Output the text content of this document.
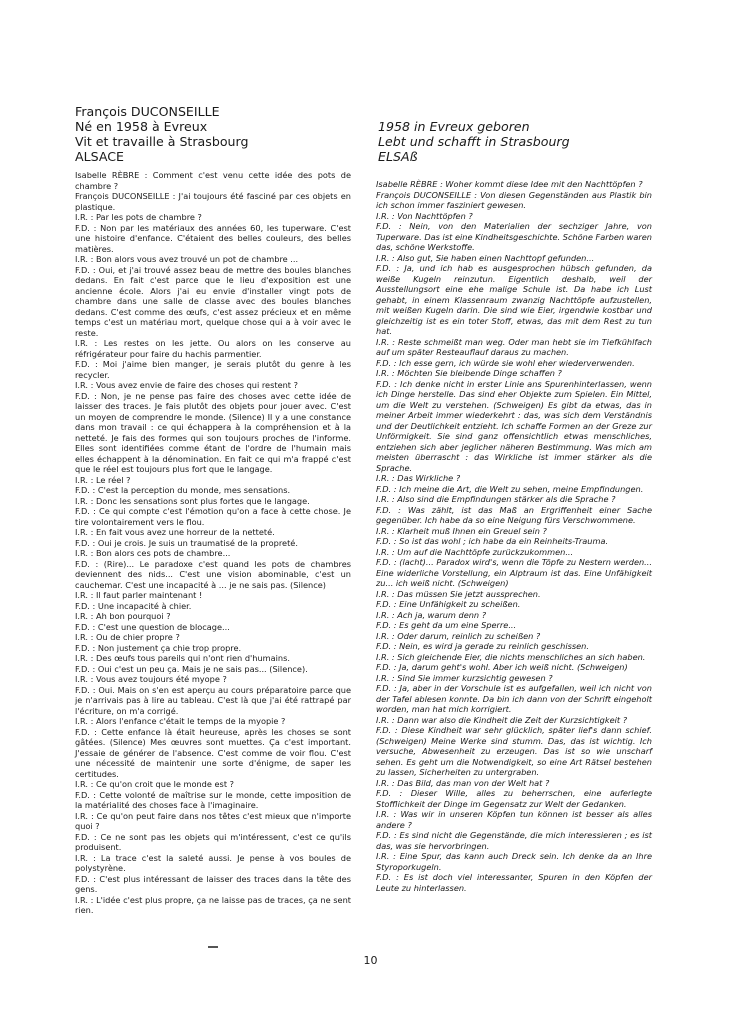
François DUCONSEILLE
Né en 1958 à Evreux
Vit et travaille à Strasbourg
ALSACE
1958 in Evreux geboren
Lebt und schafft in Strasbourg
ELSAß

Isabelle RÈBRE : Comment c'est venu cette idée des pots de chambre ?

François DUCONSEILLE : J'ai toujours été fasciné par ces objets en plastique.

I.R. : Par les pots de chambre ?

F.D. : Non par les matériaux des années 60, les tuperware. C'est une histoire d'enfance. C'étaient des belles couleurs, des belles matières.

I.R. : Bon alors vous avez trouvé un pot de chambre ...

F.D. : Oui, et j'ai trouvé assez beau de mettre des boules blanches dedans. En fait c'est parce que le lieu d'exposition est une ancienne école. Alors j'ai eu envie d'installer vingt pots de chambre dans une salle de classe avec des boules blanches dedans. C'est comme des œufs, c'est assez précieux et en même temps c'est un matériau mort, quelque chose qui a à voir avec le reste.

I.R. : Les restes on les jette. Ou alors on les conserve au réfrigérateur pour faire du hachis parmentier.

F.D. : Moi j'aime bien manger, je serais plutôt du genre à les recycler.

I.R. : Vous avez envie de faire des choses qui restent ?

F.D. : Non, je ne pense pas faire des choses avec cette idée de laisser des traces. Je fais plutôt des objets pour jouer avec. C'est un moyen de comprendre le monde. (Silence) Il y a une constance dans mon travail : ce qui échappera à la compréhension et à la netteté. Je fais des formes qui son toujours proches de l'informe. Elles sont identifiées comme étant de l'ordre de l'humain mais elles échappent à la dénomination. En fait ce qui m'a frappé c'est que le réel est toujours plus fort que le langage.

I.R. : Le réel ?

F.D. : C'est la perception du monde, mes sensations.

I.R. : Donc les sensations sont plus fortes que le langage.

F.D. : Ce qui compte c'est l'émotion qu'on a face à cette chose. Je tire volontairement vers le flou.

I.R. : En fait vous avez une horreur de la netteté.

F.D. : Oui je crois. Je suis un traumatisé de la propreté.

I.R. : Bon alors ces pots de chambre...

F.D. : (Rire)... Le paradoxe c'est quand les pots de chambres deviennent des nids... C'est une vision abominable, c'est un cauchemar. C'est une incapacité à ... je ne sais pas. (Silence)

I.R. : Il faut parler maintenant !

F.D. : Une incapacité à chier.

I.R. : Ah bon pourquoi ?

F.D. : C'est une question de blocage...

I.R. : Ou de chier propre ?

F.D. : Non justement ça chie trop propre.

I.R. : Des œufs tous pareils qui n'ont rien d'humains.

F.D. : Oui c'est un peu ça. Mais je ne sais pas... (Silence).

I.R. : Vous avez toujours été myope ?

F.D. : Oui. Mais on s'en est aperçu au cours préparatoire parce que je n'arrivais pas à lire au tableau. C'est là que j'ai été rattrapé par l'écriture, on m'a corrigé.

I.R. : Alors l'enfance c'était le temps de la myopie ?

F.D. : Cette enfance là était heureuse, après les choses se sont gâtées. (Silence) Mes œuvres sont muettes. Ça c'est important. J'essaie de générer de l'absence. C'est comme de voir flou. C'est une nécessité de maintenir une sorte d'énigme, de saper les certitudes.

I.R. : Ce qu'on croit que le monde est ?

F.D. : Cette volonté de maîtrise sur le monde, cette imposition de la matérialité des choses face à l'imaginaire.

I.R. : Ce qu'on peut faire dans nos têtes c'est mieux que n'importe quoi ?

F.D. : Ce ne sont pas les objets qui m'intéressent, c'est ce qu'ils produisent.

I.R. : La trace c'est la saleté aussi. Je pense à vos boules de polystyrène.

F.D. : C'est plus intéressant de laisser des traces dans la tête des gens.

I.R. : L'idée c'est plus propre, ça ne laisse pas de traces, ça ne sent rien.

Isabelle RÈBRE : Woher kommt diese Idee mit den Nachttöpfen ?

François DUCONSEILLE : Von diesen Gegenständen aus Plastik bin ich schon immer fasziniert gewesen.

I.R. : Von Nachttöpfen ?

F.D. : Nein, von den Materialien der sechziger Jahre, von Tuperware. Das ist eine Kindheitsgeschichte. Schöne Farben waren das, schöne Werkstoffe.

I.R. : Also gut, Sie haben einen Nachttopf gefunden...

F.D. : Ja, und ich hab es ausgesprochen hübsch gefunden, da weiße Kugeln reinzutun. Eigentlich deshalb, weil der Ausstellungsort eine ehe malige Schule ist. Da habe ich Lust gehabt, in einem Klassenraum zwanzig Nachttöpfe aufzustellen, mit weißen Kugeln darin. Die sind wie Eier, irgendwie kostbar und gleichzeitig ist es ein toter Stoff, etwas, das mit dem Rest zu tun hat.

I.R. : Reste schmeißt man weg. Oder man hebt sie im Tiefkühlfach auf um später Resteauflauf daraus zu machen.

F.D. : Ich esse gern, ich würde sie wohl eher wiederverwenden.

I.R. : Möchten Sie bleibende Dinge schaffen ?

F.D. : Ich denke nicht in erster Linie ans Spurenhinterlassen, wenn ich Dinge herstelle. Das sind eher Objekte zum Spielen. Ein Mittel, um die Welt zu verstehen. (Schweigen) Es gibt da etwas, das in meiner Arbeit immer wiederkehrt : das, was sich dem Verständnis und der Deutlichkeit entzieht. Ich schaffe Formen an der Greze zur Unförmigkeit. Sie sind ganz offensichtlich etwas menschliches, entziehen sich aber jeglicher näheren Bestimmung. Was mich am meisten überrascht : das Wirkliche ist immer stärker als die Sprache.

I.R. : Das Wirkliche ?

F.D. : Ich meine die Art, die Welt zu sehen, meine Empfindungen.

I.R. : Also sind die Empfindungen stärker als die Sprache ?

F.D. : Was zählt, ist das Maß an Ergriffenheit einer Sache gegenüber. Ich habe da so eine Neigung fürs Verschwommene.

I.R. : Klarheit muß Ihnen ein Greuel sein ?

F.D. : So ist das wohl ; ich habe da ein Reinheits-Trauma.

I.R. : Um auf die Nachttöpfe zurückzukommen...

F.D. : (lacht)... Paradox wird's, wenn die Töpfe zu Nestern werden... Eine widerliche Vorstellung, ein Alptraum ist das. Eine Unfähigkeit zu... ich weiß nicht. (Schweigen)

I.R. : Das müssen Sie jetzt aussprechen.

F.D. : Eine Unfähigkeit zu scheißen.

I.R. : Ach ja, warum denn ?

F.D. : Es geht da um eine Sperre...

I.R. : Oder darum, reinlich zu scheißen ?

F.D. : Nein, es wird ja gerade zu reinlich geschissen.

I.R. : Sich gleichende Eier, die nichts menschliches an sich haben.

F.D. : Ja, darum geht's wohl. Aber ich weiß nicht. (Schweigen)

I.R. : Sind Sie immer kurzsichtig gewesen ?

F.D. : Ja, aber in der Vorschule ist es aufgefallen, weil ich nicht von der Tafel ablesen konnte. Da bin ich dann von der Schrift eingeholt worden, man hat mich korrigiert.

I.R. : Dann war also die Kindheit die Zeit der Kurzsichtigkeit ?

F.D. : Diese Kindheit war sehr glücklich, später lief's dann schief. (Schweigen) Meine Werke sind stumm. Das, das ist wichtig. Ich versuche, Abwesenheit zu erzeugen. Das ist so wie unscharf sehen. Es geht um die Notwendigkeit, so eine Art Rätsel bestehen zu lassen, Sicherheiten zu untergraben.

I.R. : Das Bild, das man von der Welt hat ?

F.D. : Dieser Wille, alles zu beherrschen, eine auferlegte Stofflichkeit der Dinge im Gegensatz zur Welt der Gedanken.

I.R. : Was wir in unseren Köpfen tun können ist besser als alles andere ?

F.D. : Es sind nicht die Gegenstände, die mich interessieren ; es ist das, was sie hervorbringen.

I.R. : Eine Spur, das kann auch Dreck sein. Ich denke da an Ihre Styroporkugeln.

F.D. : Es ist doch viel interessanter, Spuren in den Köpfen der Leute zu hinterlassen.

10
